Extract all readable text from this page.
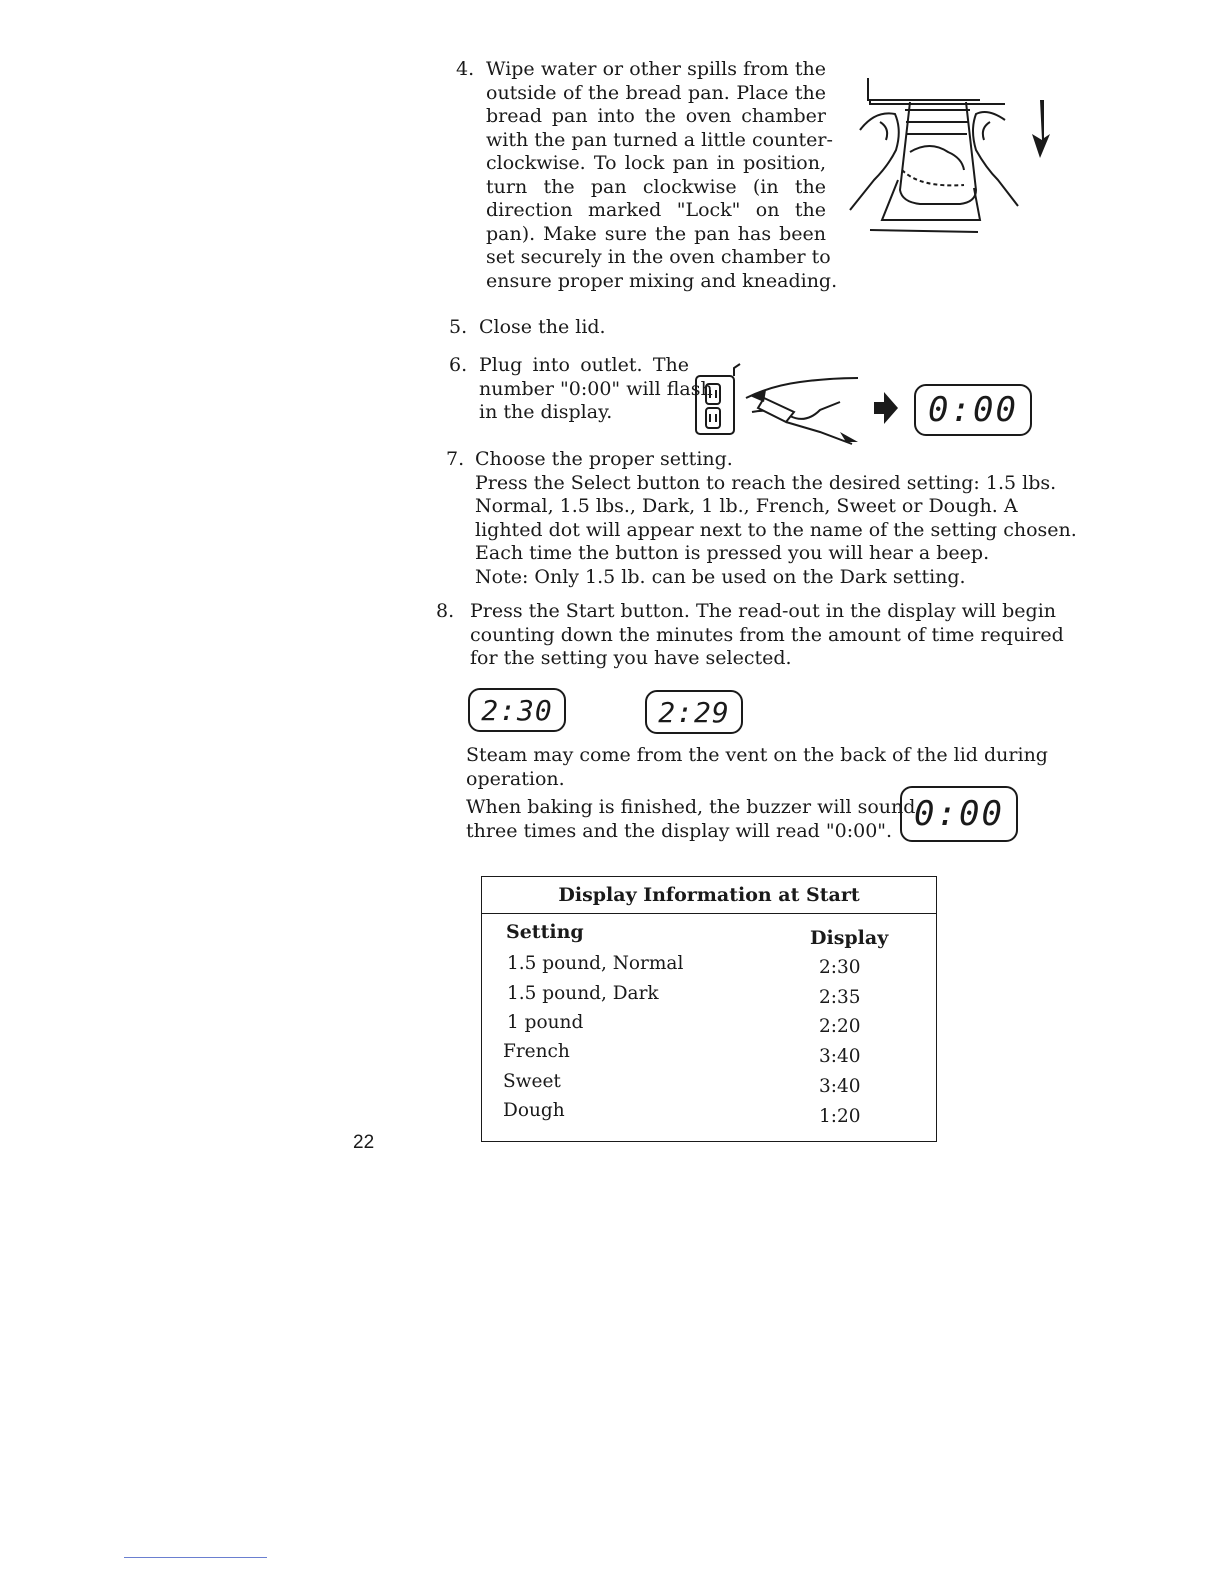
4. Wipe water or other spills from the
outside of the bread pan. Place the
bread pan into the oven chamber
with the pan turned a little counter-
clockwise. To lock pan in position,
turn the pan clockwise (in the
direction marked "Lock" on the
pan). Make sure the pan has been
set securely in the oven chamber to
ensure proper mixing and kneading.
5. Close the lid.
6. Plug into outlet. The
number "0:00" will flash
in the display.	0:00
7. Choose the proper setting.
Press the Select button to reach the desired setting: 1.5 lbs.
Normal, 1.5 lbs., Dark, 1 lb., French, Sweet or Dough. A
lighted dot will appear next to the name of the setting chosen.
Each time the button is pressed you will hear a beep.
Note: Only 1.5 lb. can be used on the Dark setting.
8. Press the Start button. The read-out in the display will begin
counting down the minutes from the amount of time required
for the setting you have selected.
2:30	2:29
Steam may come from the vent on the back of the lid during
operation.
When baking is finished, the buzzer will sound
three times and the display will read "0:00". 0:00
Display Information at Start
Setting	Display
1.5 pound, Normal	2:30
1.5 pound, Dark	2:35
1 pound	2:20
French	3:40
Sweet	3:40
Dough	1:20
22
